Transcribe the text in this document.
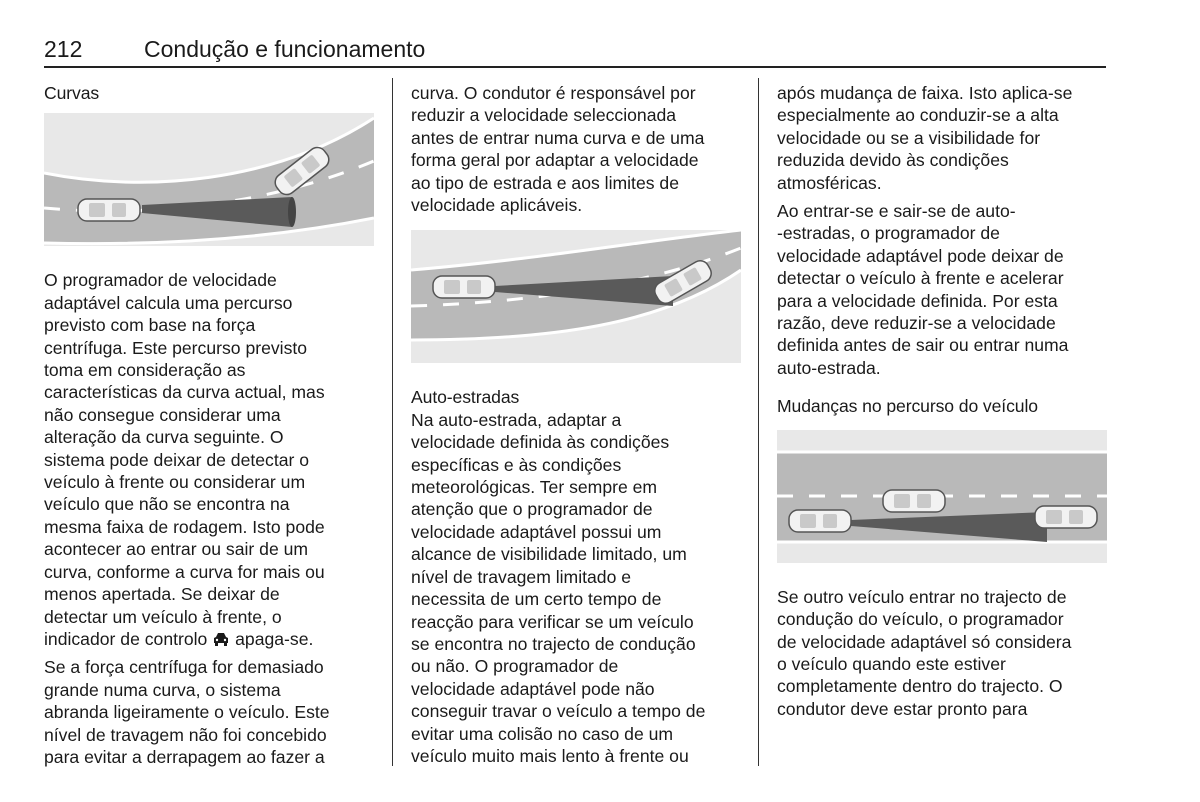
212	Condução e funcionamento
Curvas

O programador de velocidade

adaptável calcula uma percurso

previsto com base na força

centrífuga. Este percurso previsto

toma em consideração as

características da curva actual, mas

não consegue considerar uma

alteração da curva seguinte. O

sistema pode deixar de detectar o

veículo à frente ou considerar um

veículo que não se encontra na

mesma faixa de rodagem. Isto pode

acontecer ao entrar ou sair de um

curva, conforme a curva for mais ou

menos apertada. Se deixar de

detectar um veículo à frente, o

indicador de controlo apaga-se.

Se a força centrífuga for demasiado

grande numa curva, o sistema

abranda ligeiramente o veículo. Este

nível de travagem não foi concebido

para evitar a derrapagem ao fazer a

curva. O condutor é responsável por

reduzir a velocidade seleccionada

antes de entrar numa curva e de uma

forma geral por adaptar a velocidade

ao tipo de estrada e aos limites de

velocidade aplicáveis.

Auto-estradas

Na auto-estrada, adaptar a

velocidade definida às condições

específicas e às condições

meteorológicas. Ter sempre em

atenção que o programador de

velocidade adaptável possui um

alcance de visibilidade limitado, um

nível de travagem limitado e

necessita de um certo tempo de

reacção para verificar se um veículo

se encontra no trajecto de condução

ou não. O programador de

velocidade adaptável pode não

conseguir travar o veículo a tempo de

evitar uma colisão no caso de um

veículo muito mais lento à frente ou

após mudança de faixa. Isto aplica-se

especialmente ao conduzir-se a alta

velocidade ou se a visibilidade for

reduzida devido às condições

atmosféricas.

Ao entrar-se e sair-se de auto-

-estradas, o programador de

velocidade adaptável pode deixar de

detectar o veículo à frente e acelerar

para a velocidade definida. Por esta

razão, deve reduzir-se a velocidade

definida antes de sair ou entrar numa

auto-estrada.

Mudanças no percurso do veículo

Se outro veículo entrar no trajecto de

condução do veículo, o programador

de velocidade adaptável só considera

o veículo quando este estiver

completamente dentro do trajecto. O

condutor deve estar pronto para
